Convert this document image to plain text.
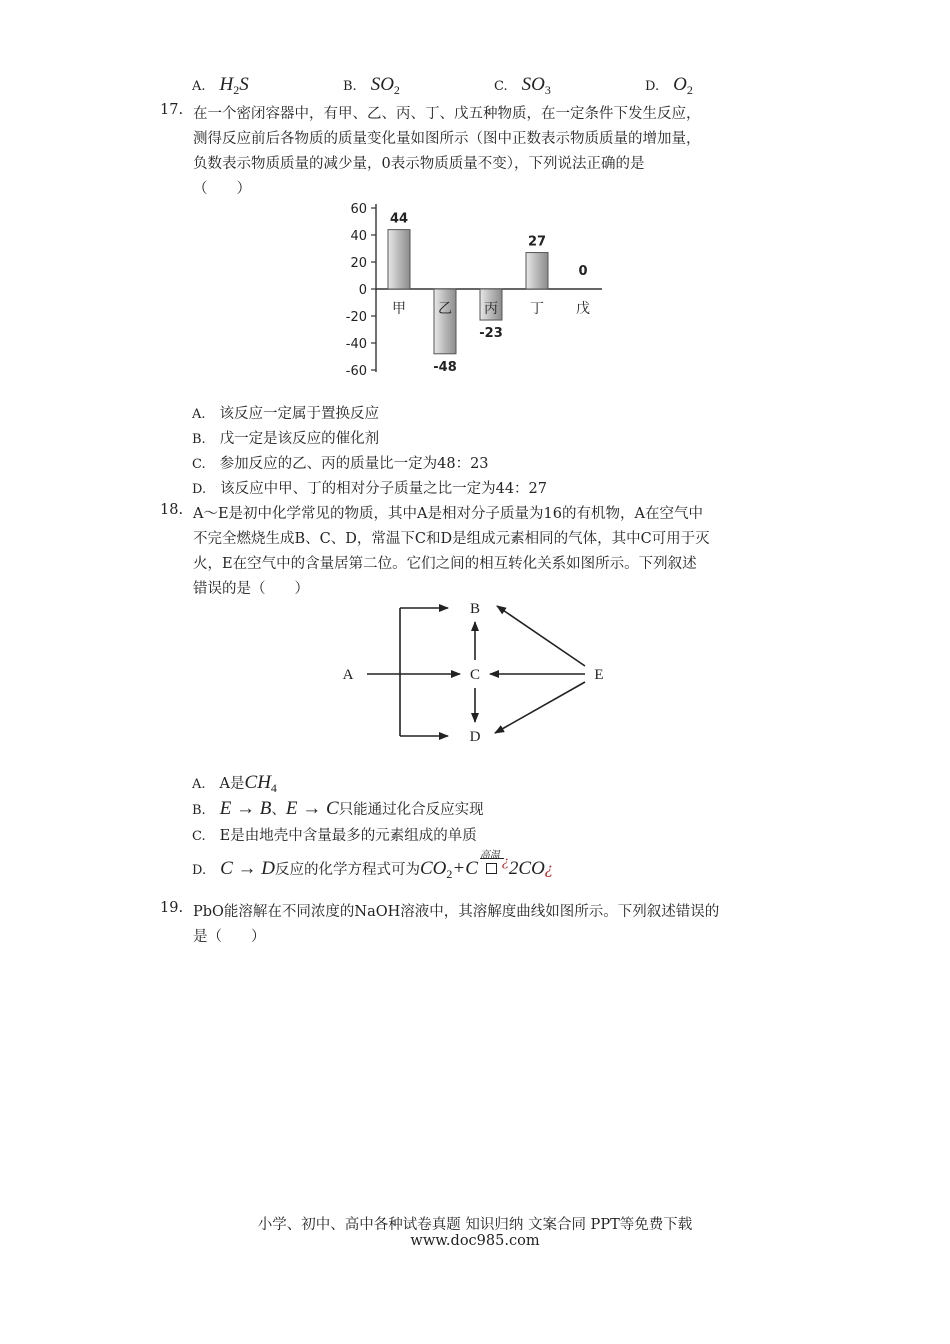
A. $H_2S$	B. $SO_2$	C. $SO_3$	D. $O_2$
17. 在一个密闭容器中，有甲、乙、丙、丁、戊五种物质，在一定条件下发生反应，
测得反应前后各物质的质量变化量如图所示（图中正数表示物质质量的增加量，
负数表示物质质量的减少量，0表示物质质量不变），下列说法正确的是
（　　）
60
40
20
0
-20
-40
-60
甲
44
乙
-48
丙
-23
丁
27
戊
0
A. 该反应一定属于置换反应
B. 戊一定是该反应的催化剂
C. 参加反应的乙、丙的质量比一定为48：23
D. 该反应中甲、丁的相对分子质量之比一定为44：27
18. A～E是初中化学常见的物质，其中A是相对分子质量为16的有机物，A在空气中
不完全燃烧生成B、C、D，常温下C和D是组成元素相同的气体，其中C可用于灭
火，E在空气中的含量居第二位。它们之间的相互转化关系如图所示。下列叙述
错误的是（　　）
A
B
C
D
E
A. A是$CH_4$
B. E → B、E → C只能通过化合反应实现
C. E是由地壳中含量最多的元素组成的单质
D. C → D反应的化学方程式可为$CO_2+C$
高温 ¿2CO¿
19. PbO能溶解在不同浓度的NaOH溶液中，其溶解度曲线如图所示。下列叙述错误的
是（　　）
小学、初中、高中各种试卷真题 知识归纳 文案合同 PPT等免费下载
www.doc985.com
